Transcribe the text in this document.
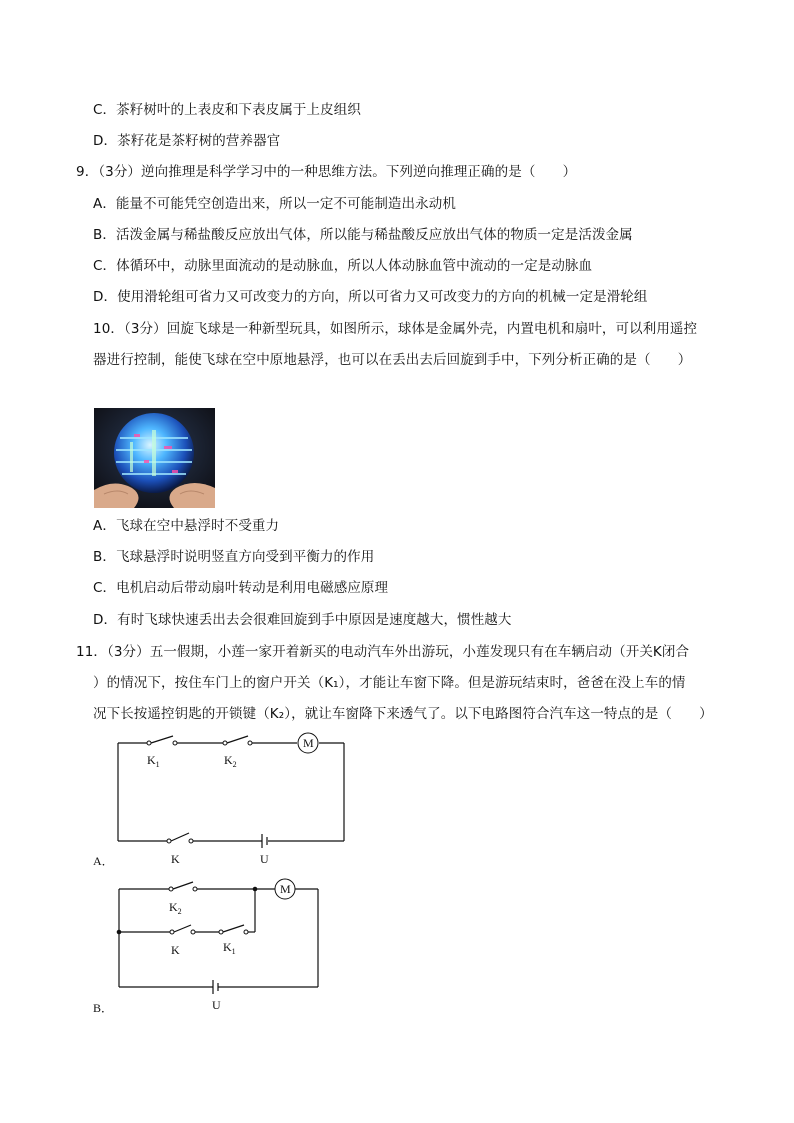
C．茶籽树叶的上表皮和下表皮属于上皮组织
D．茶籽花是茶籽树的营养器官
9．（3分）逆向推理是科学学习中的一种思维方法。下列逆向推理正确的是（　　）
A．能量不可能凭空创造出来，所以一定不可能制造出永动机
B．活泼金属与稀盐酸反应放出气体，所以能与稀盐酸反应放出气体的物质一定是活泼金属
C．体循环中，动脉里面流动的是动脉血，所以人体动脉血管中流动的一定是动脉血
D．使用滑轮组可省力又可改变力的方向，所以可省力又可改变力的方向的机械一定是滑轮组
10．（3分）回旋飞球是一种新型玩具，如图所示，球体是金属外壳，内置电机和扇叶，可以利用遥控
器进行控制，能使飞球在空中原地悬浮，也可以在丢出去后回旋到手中，下列分析正确的是（　　）
A．飞球在空中悬浮时不受重力
B．飞球悬浮时说明竖直方向受到平衡力的作用
C．电机启动后带动扇叶转动是利用电磁感应原理
D．有时飞球快速丢出去会很难回旋到手中原因是速度越大，惯性越大
11．（3分）五一假期，小莲一家开着新买的电动汽车外出游玩，小莲发现只有在车辆启动（开关K闭合
）的情况下，按住车门上的窗户开关（K₁），才能让车窗下降。但是游玩结束时，爸爸在没上车的情
况下长按遥控钥匙的开锁键（K₂），就让车窗降下来透气了。以下电路图符合汽车这一特点的是（　　）
M
$K_1$	$K_2$
K	U
A．
M
$K_2$
K	$K_1$
U
B．
